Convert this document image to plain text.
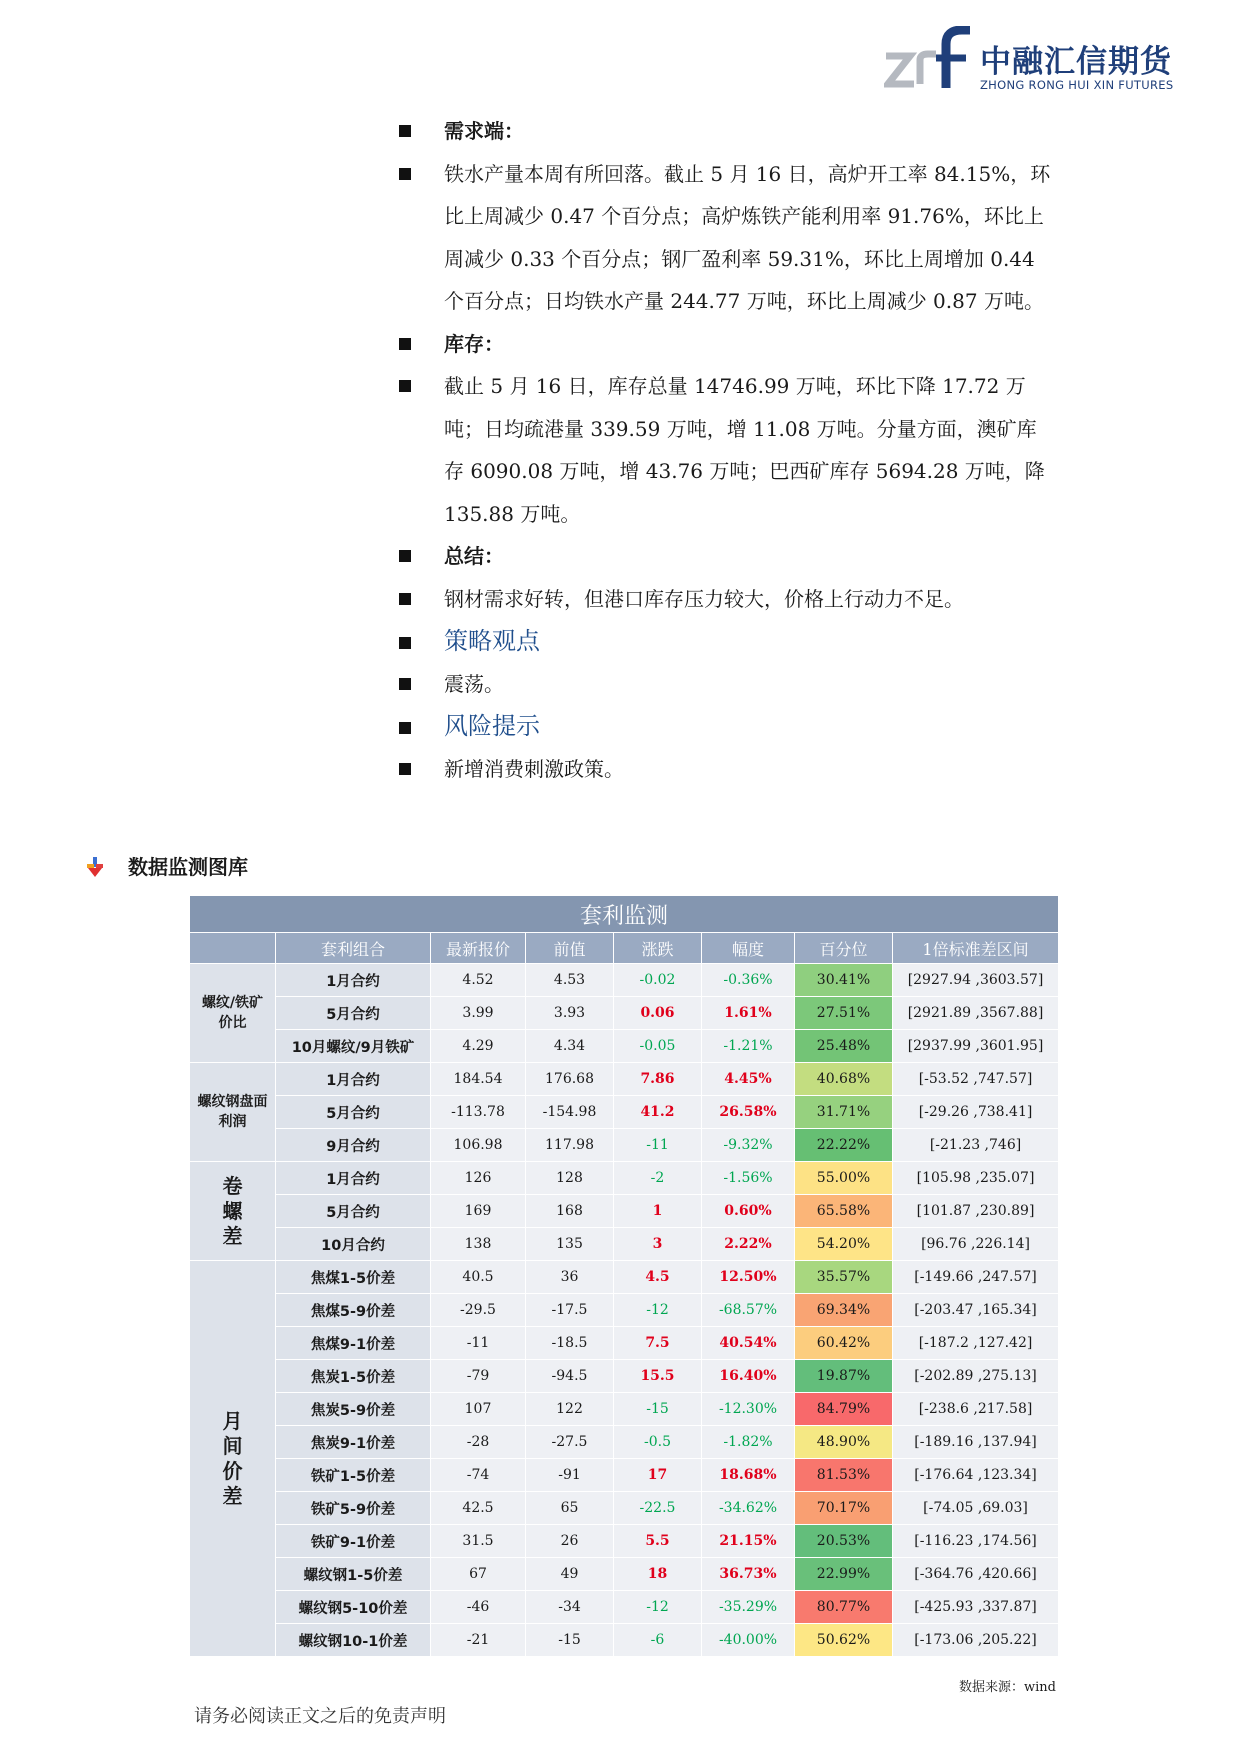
中融汇信期货
ZHONG RONG HUI XIN FUTURES
需求端：
铁水产量本周有所回落。截止 5 月 16 日，高炉开工率 84.15%，环比上周减少 0.47 个百分点；高炉炼铁产能利用率 91.76%，环比上周减少 0.33 个百分点；钢厂盈利率 59.31%，环比上周增加 0.44 个百分点；日均铁水产量 244.77 万吨，环比上周减少 0.87 万吨。
库存：
截止 5 月 16 日，库存总量 14746.99 万吨，环比下降 17.72 万吨；日均疏港量 339.59 万吨，增 11.08 万吨。分量方面，澳矿库存 6090.08 万吨，增 43.76 万吨；巴西矿库存 5694.28 万吨，降 135.88 万吨。
总结：
钢材需求好转，但港口库存压力较大，价格上行动力不足。
策略观点
震荡。
风险提示
新增消费刺激政策。
数据监测图库
套利监测							
	套利组合	最新报价	前值	涨跌	幅度	百分位	1倍标准差区间
螺纹/铁矿价比	1月合约	4.52	4.53	-0.02	-0.36%	30.41%	[2927.94 ,3603.57]
	5月合约	3.99	3.93	0.06	1.61%	27.51%	[2921.89 ,3567.88]
	10月螺纹/9月铁矿	4.29	4.34	-0.05	-1.21%	25.48%	[2937.99 ,3601.95]
螺纹钢盘面利润	1月合约	184.54	176.68	7.86	4.45%	40.68%	[-53.52 ,747.57]
	5月合约	-113.78	-154.98	41.2	26.58%	31.71%	[-29.26 ,738.41]
	9月合约	106.98	117.98	-11	-9.32%	22.22%	[-21.23 ,746]
卷螺差	1月合约	126	128	-2	-1.56%	55.00%	[105.98 ,235.07]
	5月合约	169	168	1	0.60%	65.58%	[101.87 ,230.89]
	10月合约	138	135	3	2.22%	54.20%	[96.76 ,226.14]
月间价差	焦煤1-5价差	40.5	36	4.5	12.50%	35.57%	[-149.66 ,247.57]
	焦煤5-9价差	-29.5	-17.5	-12	-68.57%	69.34%	[-203.47 ,165.34]
	焦煤9-1价差	-11	-18.5	7.5	40.54%	60.42%	[-187.2 ,127.42]
	焦炭1-5价差	-79	-94.5	15.5	16.40%	19.87%	[-202.89 ,275.13]
	焦炭5-9价差	107	122	-15	-12.30%	84.79%	[-238.6 ,217.58]
	焦炭9-1价差	-28	-27.5	-0.5	-1.82%	48.90%	[-189.16 ,137.94]
	铁矿1-5价差	-74	-91	17	18.68%	81.53%	[-176.64 ,123.34]
	铁矿5-9价差	42.5	65	-22.5	-34.62%	70.17%	[-74.05 ,69.03]
	铁矿9-1价差	31.5	26	5.5	21.15%	20.53%	[-116.23 ,174.56]
	螺纹钢1-5价差	67	49	18	36.73%	22.99%	[-364.76 ,420.66]
	螺纹钢5-10价差	-46	-34	-12	-35.29%	80.77%	[-425.93 ,337.87]
	螺纹钢10-1价差	-21	-15	-6	-40.00%	50.62%	[-173.06 ,205.22]
数据来源：wind
请务必阅读正文之后的免责声明
